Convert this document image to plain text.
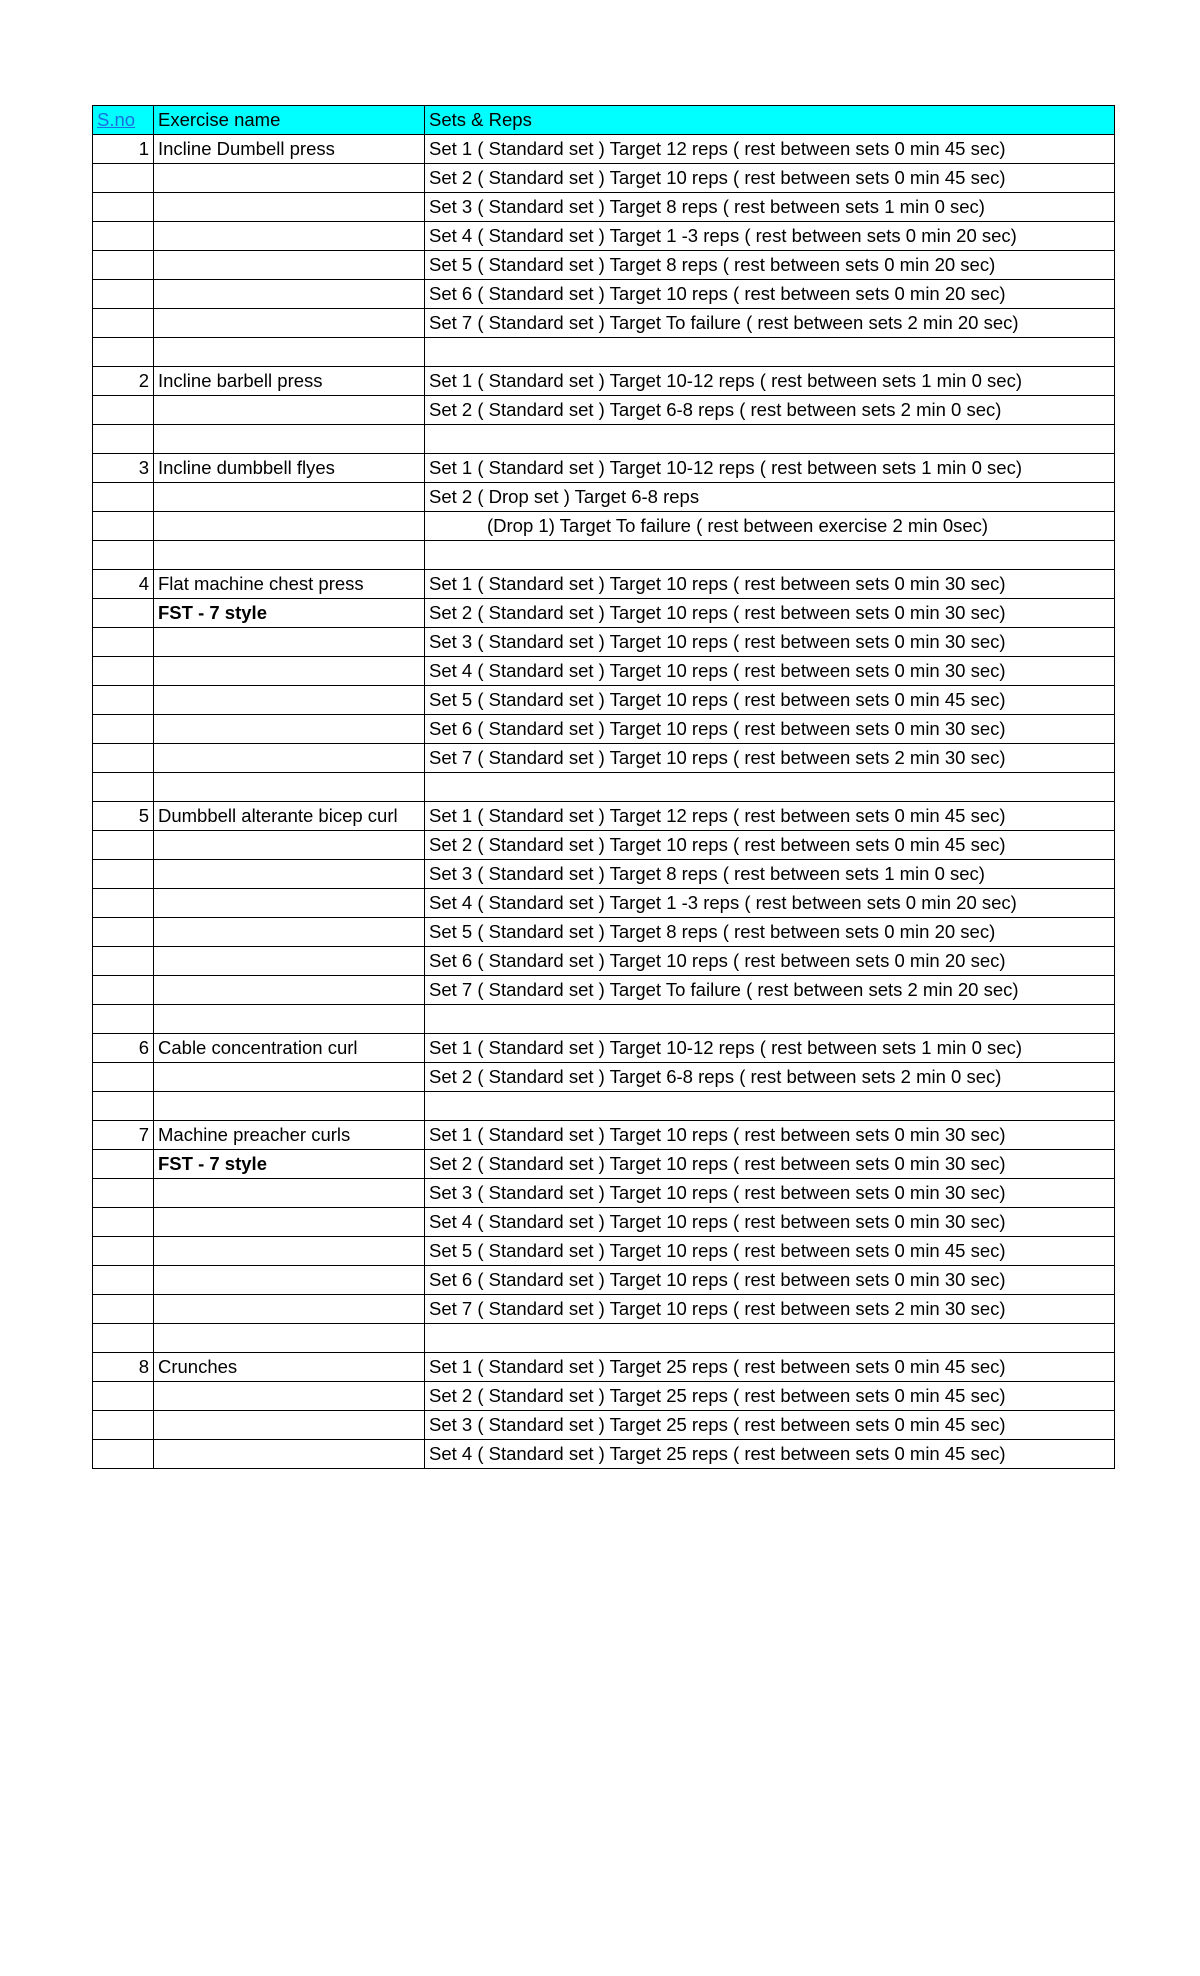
S.no	Exercise name	Sets & Reps
1	Incline Dumbell press	Set 1 ( Standard set ) Target 12 reps ( rest between sets 0 min 45 sec)
		Set 2 ( Standard set ) Target 10 reps ( rest between sets 0 min 45 sec)
		Set 3 ( Standard set ) Target 8 reps ( rest between sets 1 min 0 sec)
		Set 4 ( Standard set ) Target 1 -3 reps ( rest between sets 0 min 20 sec)
		Set 5 ( Standard set ) Target 8 reps ( rest between sets 0 min 20 sec)
		Set 6 ( Standard set ) Target 10 reps ( rest between sets 0 min 20 sec)
		Set 7 ( Standard set ) Target To failure ( rest between sets 2 min 20 sec)

2	Incline barbell press	Set 1 ( Standard set ) Target 10-12 reps ( rest between sets 1 min 0 sec)
		Set 2 ( Standard set ) Target 6-8 reps ( rest between sets 2 min 0 sec)

3	Incline dumbbell flyes	Set 1 ( Standard set ) Target 10-12 reps ( rest between sets 1 min 0 sec)
		Set 2 ( Drop set ) Target 6-8 reps
		(Drop 1) Target To failure ( rest between exercise 2 min 0sec)

4	Flat machine chest press	Set 1 ( Standard set ) Target 10 reps ( rest between sets 0 min 30 sec)
	FST - 7 style	Set 2 ( Standard set ) Target 10 reps ( rest between sets 0 min 30 sec)
		Set 3 ( Standard set ) Target 10 reps ( rest between sets 0 min 30 sec)
		Set 4 ( Standard set ) Target 10 reps ( rest between sets 0 min 30 sec)
		Set 5 ( Standard set ) Target 10 reps ( rest between sets 0 min 45 sec)
		Set 6 ( Standard set ) Target 10 reps ( rest between sets 0 min 30 sec)
		Set 7 ( Standard set ) Target 10 reps ( rest between sets 2 min 30 sec)

5	Dumbbell alterante bicep curl	Set 1 ( Standard set ) Target 12 reps ( rest between sets 0 min 45 sec)
		Set 2 ( Standard set ) Target 10 reps ( rest between sets 0 min 45 sec)
		Set 3 ( Standard set ) Target 8 reps ( rest between sets 1 min 0 sec)
		Set 4 ( Standard set ) Target 1 -3 reps ( rest between sets 0 min 20 sec)
		Set 5 ( Standard set ) Target 8 reps ( rest between sets 0 min 20 sec)
		Set 6 ( Standard set ) Target 10 reps ( rest between sets 0 min 20 sec)
		Set 7 ( Standard set ) Target To failure ( rest between sets 2 min 20 sec)

6	Cable concentration curl	Set 1 ( Standard set ) Target 10-12 reps ( rest between sets 1 min 0 sec)
		Set 2 ( Standard set ) Target 6-8 reps ( rest between sets 2 min 0 sec)

7	Machine preacher curls	Set 1 ( Standard set ) Target 10 reps ( rest between sets 0 min 30 sec)
	FST - 7 style	Set 2 ( Standard set ) Target 10 reps ( rest between sets 0 min 30 sec)
		Set 3 ( Standard set ) Target 10 reps ( rest between sets 0 min 30 sec)
		Set 4 ( Standard set ) Target 10 reps ( rest between sets 0 min 30 sec)
		Set 5 ( Standard set ) Target 10 reps ( rest between sets 0 min 45 sec)
		Set 6 ( Standard set ) Target 10 reps ( rest between sets 0 min 30 sec)
		Set 7 ( Standard set ) Target 10 reps ( rest between sets 2 min 30 sec)

8	Crunches	Set 1 ( Standard set ) Target 25 reps ( rest between sets 0 min 45 sec)
		Set 2 ( Standard set ) Target 25 reps ( rest between sets 0 min 45 sec)
		Set 3 ( Standard set ) Target 25 reps ( rest between sets 0 min 45 sec)
		Set 4 ( Standard set ) Target 25 reps ( rest between sets 0 min 45 sec)
